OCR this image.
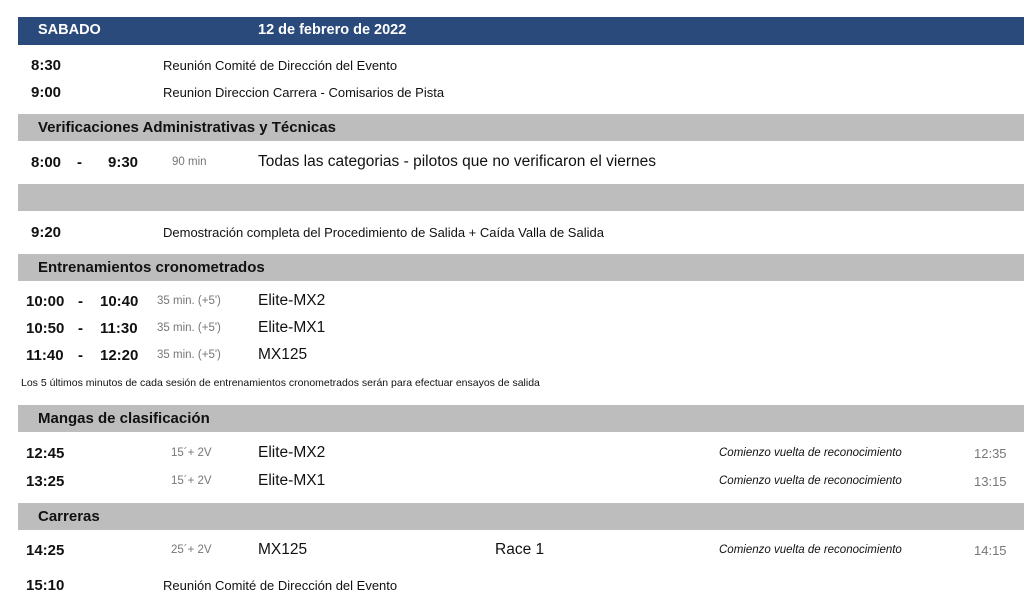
SABADO	12 de febrero de 2022
8:30	Reunión Comité de Dirección del Evento
9:00	Reunion Direccion Carrera - Comisarios de Pista
Verificaciones Administrativas y Técnicas
8:00 - 9:30	90 min	Todas las categorias - pilotos que no verificaron el viernes
9:20	Demostración completa del Procedimiento de Salida + Caída Valla de Salida
Entrenamientos cronometrados
10:00 - 10:40 35 min. (+5') Elite-MX2
10:50 - 11:30 35 min. (+5') Elite-MX1
11:40 - 12:20 35 min. (+5') MX125
Los 5 últimos minutos de cada sesión de entrenamientos cronometrados serán para efectuar ensayos de salida
Mangas de clasificación
12:45	15´+ 2V	Elite-MX2	Comienzo vuelta de reconocimiento	12:35
13:25	15´+ 2V	Elite-MX1	Comienzo vuelta de reconocimiento	13:15
Carreras
14:25	25´+ 2V	MX125	Race 1	Comienzo vuelta de reconocimiento	14:15
15:10	Reunión Comité de Dirección del Evento
